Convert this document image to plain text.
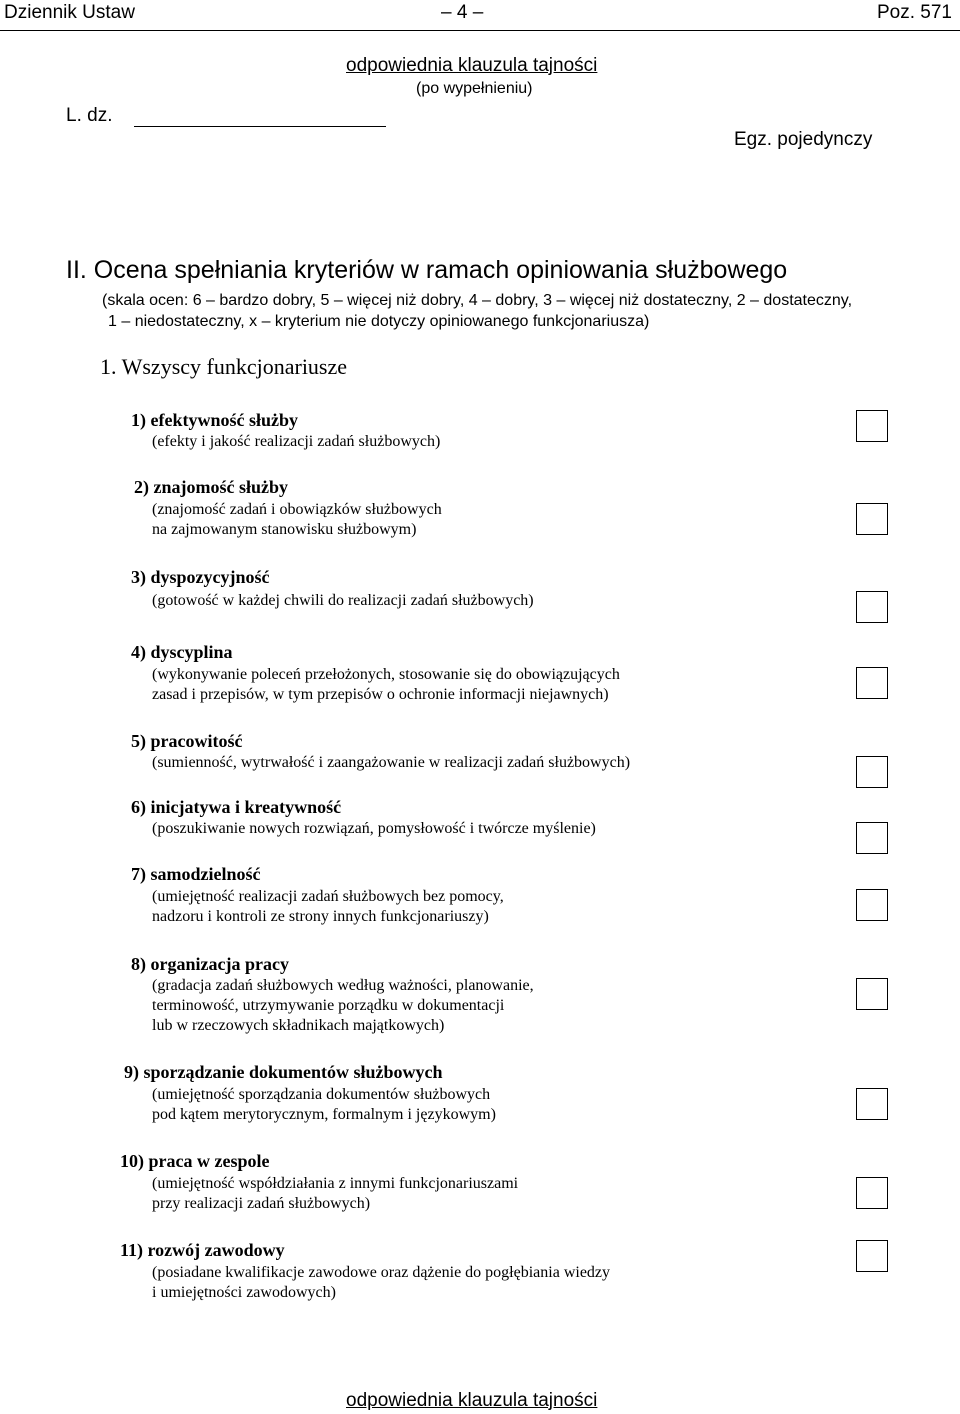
Dziennik Ustaw	– 4 –	Poz. 571
odpowiednia klauzula tajności
(po wypełnieniu)
L. dz.
Egz. pojedynczy
II. Ocena spełniania kryteriów w ramach opiniowania służbowego
(skala ocen: 6 – bardzo dobry, 5 – więcej niż dobry, 4 – dobry, 3 – więcej niż dostateczny, 2 – dostateczny,
1 – niedostateczny, x – kryterium nie dotyczy opiniowanego funkcjonariusza)
1. Wszyscy funkcjonariusze
1) efektywność służby
(efekty i jakość realizacji zadań służbowych)
2) znajomość służby
(znajomość zadań i obowiązków służbowych
na zajmowanym stanowisku służbowym)
3) dyspozycyjność
(gotowość w każdej chwili do realizacji zadań służbowych)
4) dyscyplina
(wykonywanie poleceń przełożonych, stosowanie się do obowiązujących
zasad i przepisów, w tym przepisów o ochronie informacji niejawnych)
5) pracowitość
(sumienność, wytrwałość i zaangażowanie w realizacji zadań służbowych)
6) inicjatywa i kreatywność
(poszukiwanie nowych rozwiązań, pomysłowość i twórcze myślenie)
7) samodzielność
(umiejętność realizacji zadań służbowych bez pomocy,
nadzoru i kontroli ze strony innych funkcjonariuszy)
8) organizacja pracy
(gradacja zadań służbowych według ważności, planowanie,
terminowość, utrzymywanie porządku w dokumentacji
lub w rzeczowych składnikach majątkowych)
9) sporządzanie dokumentów służbowych
(umiejętność sporządzania dokumentów służbowych
pod kątem merytorycznym, formalnym i językowym)
10) praca w zespole
(umiejętność współdziałania z innymi funkcjonariuszami
przy realizacji zadań służbowych)
11) rozwój zawodowy
(posiadane kwalifikacje zawodowe oraz dążenie do pogłębiania wiedzy
i umiejętności zawodowych)
odpowiednia klauzula tajności
